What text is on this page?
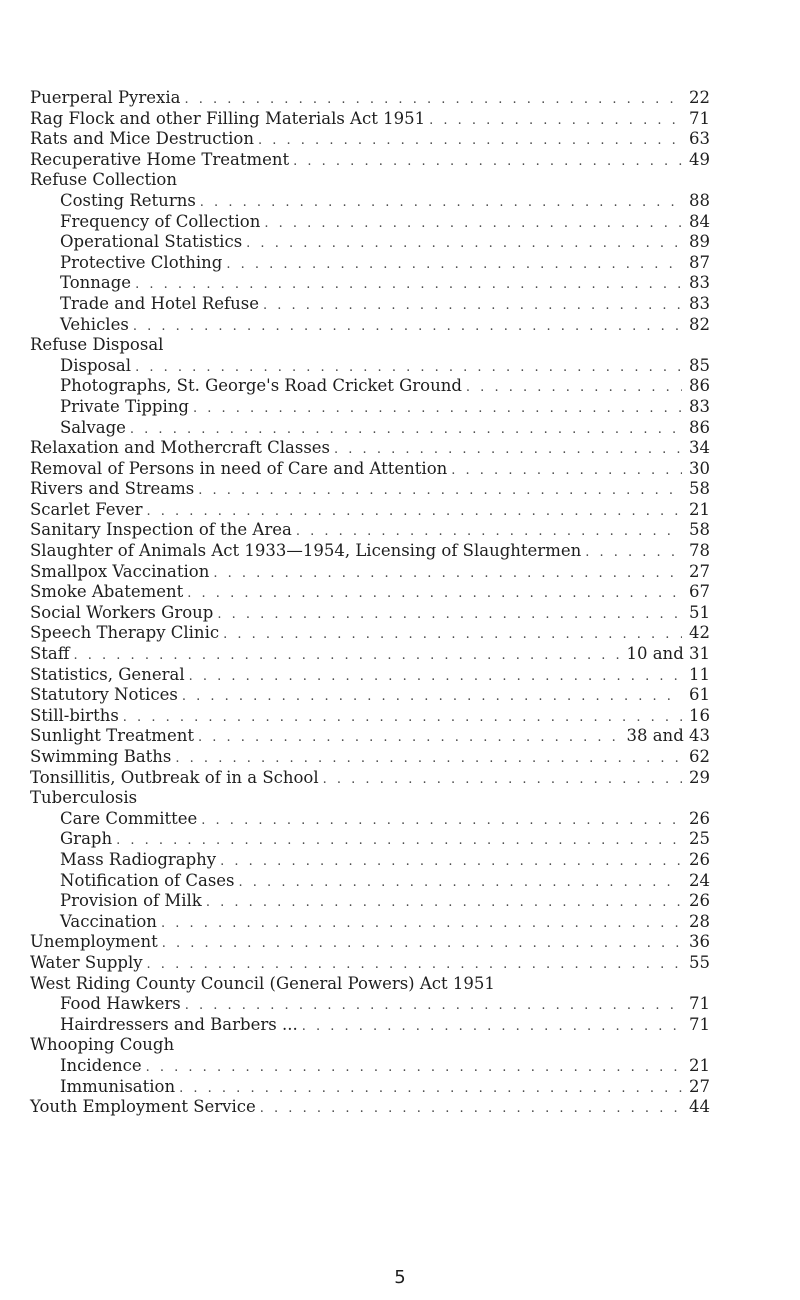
Puerperal Pyrexia . . .	22
Rag Flock and other Filling Materials Act 1951 . . .	71
Rats and Mice Destruction . . .	63
Recuperative Home Treatment . . .	49
Refuse Collection
Costing Returns . . .	88
Frequency of Collection . . .	84
Operational Statistics . . .	89
Protective Clothing . . .	87
Tonnage . . .	83
Trade and Hotel Refuse . . .	83
Vehicles . . .	82
Refuse Disposal
Disposal . . .	85
Photographs, St. George's Road Cricket Ground . . .	86
Private Tipping . . .	83
Salvage . . .	86
Relaxation and Mothercraft Classes . . .	34
Removal of Persons in need of Care and Attention . . .	30
Rivers and Streams . . .	58
Scarlet Fever . . .	21
Sanitary Inspection of the Area . . .	58
Slaughter of Animals Act 1933—1954, Licensing of Slaughtermen . . .	78
Smallpox Vaccination . . .	27
Smoke Abatement . . .	67
Social Workers Group . . .	51
Speech Therapy Clinic . . .	42
Staff . . .	10 and 31
Statistics, General . . .	11
Statutory Notices . . .	61
Still-births . . .	16
Sunlight Treatment . . .	38 and 43
Swimming Baths . . .	62
Tonsillitis, Outbreak of in a School . . .	29
Tuberculosis
Care Committee . . .	26
Graph . . .	25
Mass Radiography . . .	26
Notification of Cases . . .	24
Provision of Milk . . .	26
Vaccination . . .	28
Unemployment . . .	36
Water Supply . . .	55
West Riding County Council (General Powers) Act 1951
Food Hawkers . . .	71
Hairdressers and Barbers ... . . .	71
Whooping Cough
Incidence . . .	21
Immunisation . . .	27
Youth Employment Service . . .	44
5
